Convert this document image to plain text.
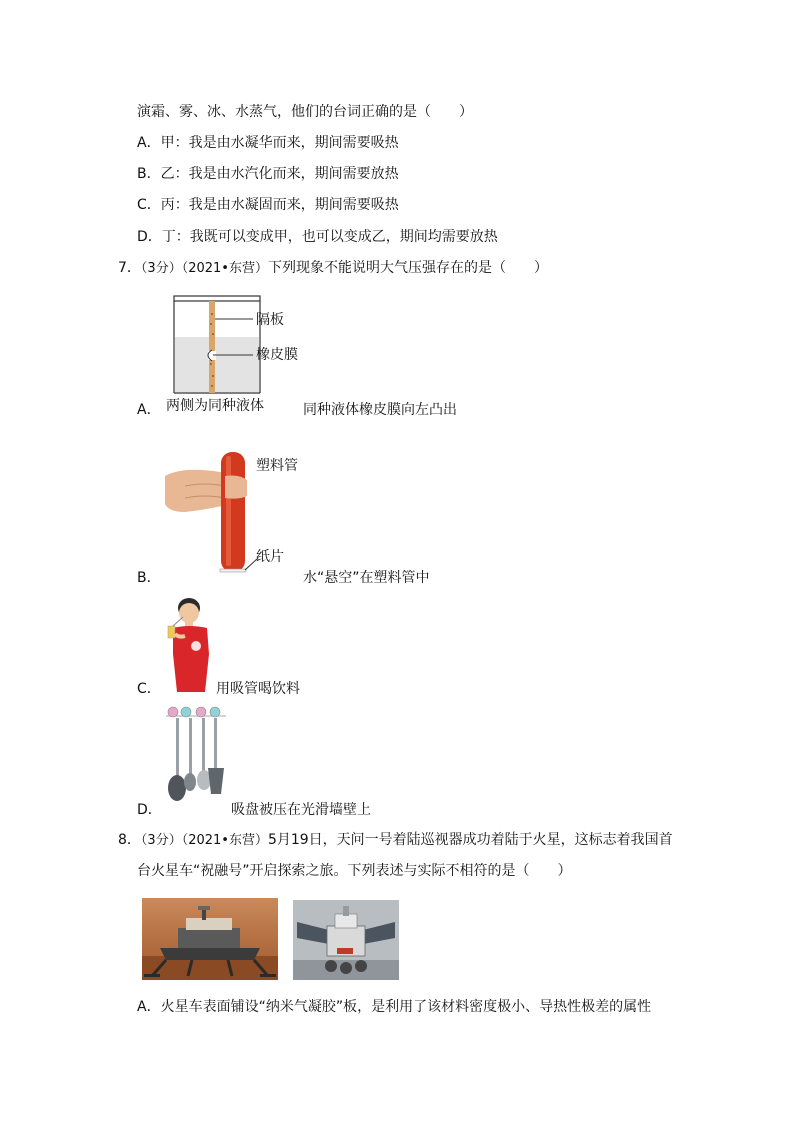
演霜、雾、冰、水蒸气，他们的台词正确的是（　　）
A．甲：我是由水凝华而来，期间需要吸热
B．乙：我是由水汽化而来，期间需要放热
C．丙：我是由水凝固而来，期间需要吸热
D．丁：我既可以变成甲，也可以变成乙，期间均需要放热
7．（3分）（2021•东营）下列现象不能说明大气压强存在的是（　　）
隔板
橡皮膜
A． 两侧为同种液体	同种液体橡皮膜向左凸出
塑料管
纸片
B．	水“悬空”在塑料管中
C．	用吸管喝饮料
D．	吸盘被压在光滑墙壁上
8．（3分）（2021•东营）5月19日，天问一号着陆巡视器成功着陆于火星，这标志着我国首
台火星车“祝融号”开启探索之旅。下列表述与实际不相符的是（　　）
A．火星车表面铺设“纳米气凝胶”板，是利用了该材料密度极小、导热性极差的属性
